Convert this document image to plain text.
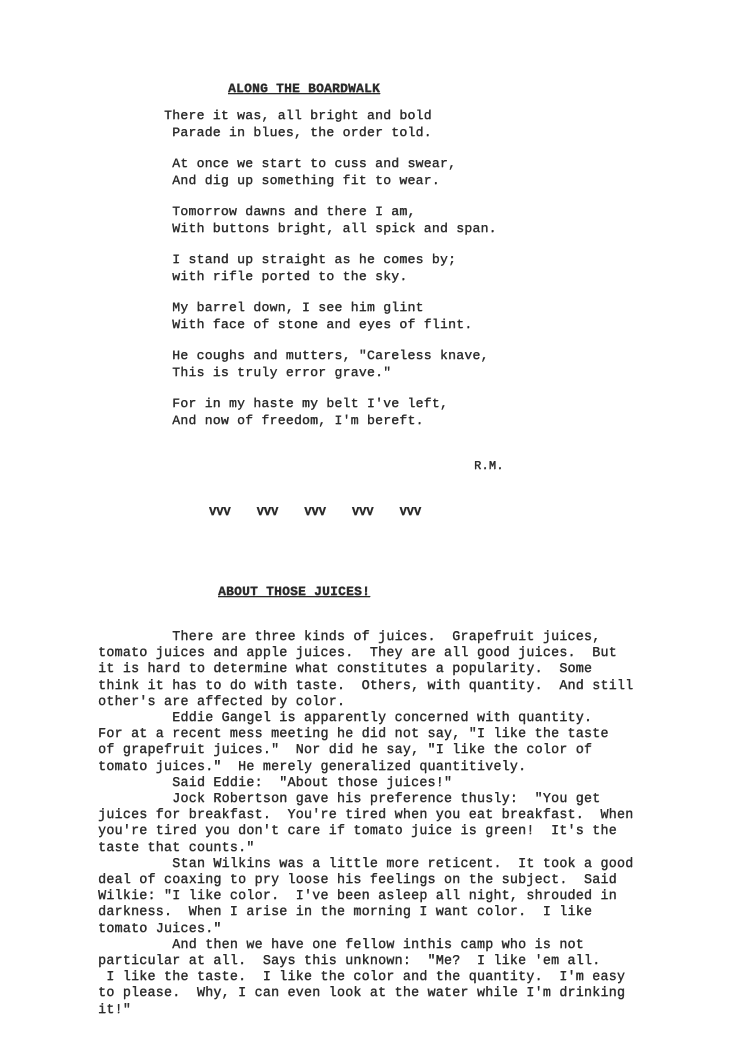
ALONG THE BOARDWALK
There it was, all bright and bold
Parade in blues, the order told.
At once we start to cuss and swear,
And dig up something fit to wear.
Tomorrow dawns and there I am,
With buttons bright, all spick and span.
I stand up straight as he comes by;
with rifle ported to the sky.
My barrel down, I see him glint
With face of stone and eyes of flint.
He coughs and mutters, "Careless knave,
This is truly error grave."
For in my haste my belt I've left,
And now of freedom, I'm bereft.
R.M.
VVV VVV VVV VVV VVV
ABOUT THOSE JUICES!
There are three kinds of juices.  Grapefruit juices,
tomato juices and apple juices.  They are all good juices.  But
it is hard to determine what constitutes a popularity.  Some
think it has to do with taste.  Others, with quantity.  And still
other's are affected by color.
Eddie Gangel is apparently concerned with quantity.
For at a recent mess meeting he did not say, "I like the taste
of grapefruit juices."  Nor did he say, "I like the color of
tomato juices."  He merely generalized quantitively.
Said Eddie:  "About those juices!"
Jock Robertson gave his preference thusly:  "You get
juices for breakfast.  You're tired when you eat breakfast.  When
you're tired you don't care if tomato juice is green!  It's the
taste that counts."
Stan Wilkins was a little more reticent.  It took a good
deal of coaxing to pry loose his feelings on the subject.  Said
Wilkie: "I like color.  I've been asleep all night, shrouded in
darkness.  When I arise in the morning I want color.  I like
tomato Juices."
And then we have one fellow inthis camp who is not
particular at all.  Says this unknown:  "Me?  I like 'em all.
I like the taste.  I like the color and the quantity.  I'm easy
to please.  Why, I can even look at the water while I'm drinking
it!"
